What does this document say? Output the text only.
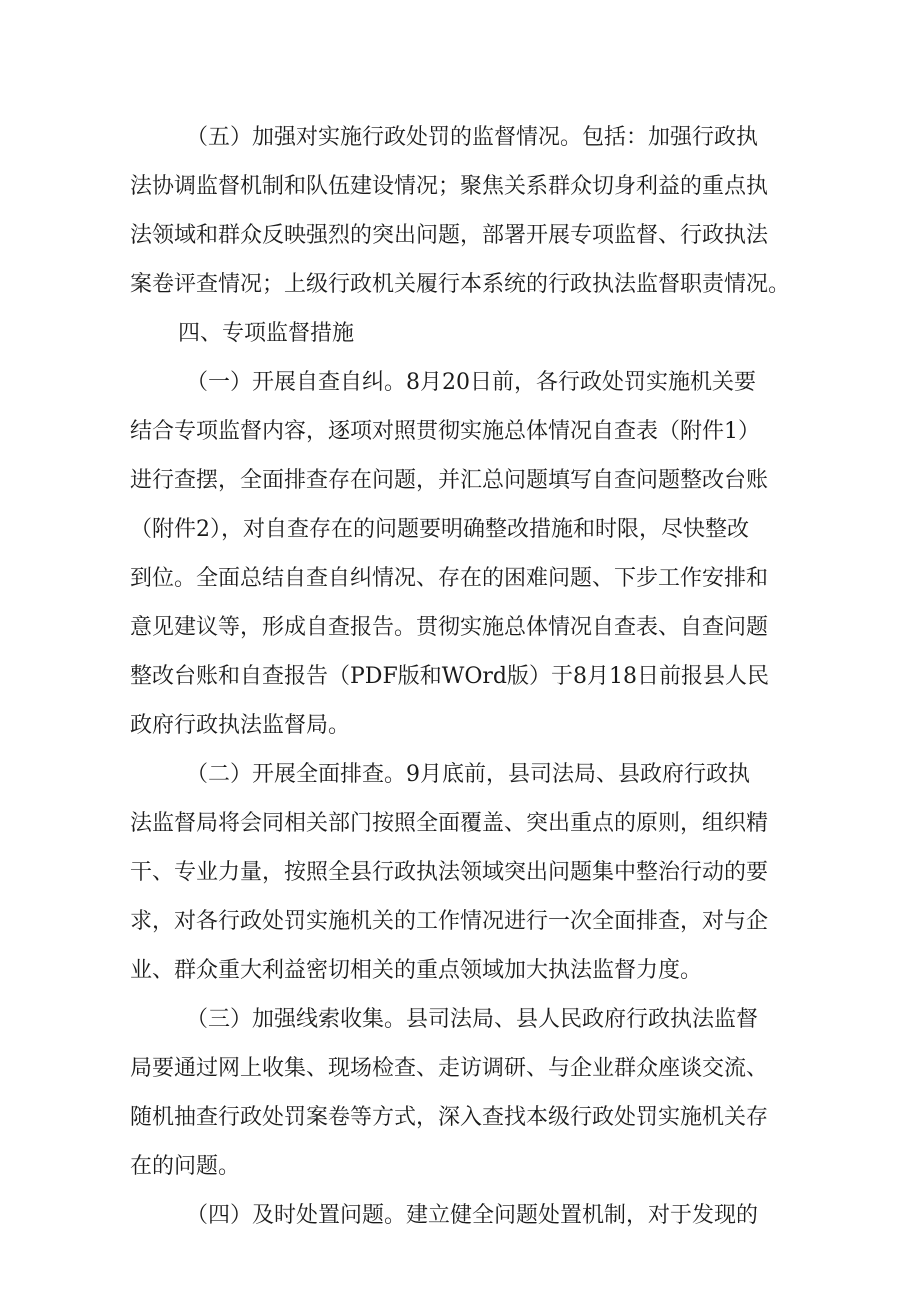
（五）加强对实施行政处罚的监督情况。包括：加强行政执
法协调监督机制和队伍建设情况；聚焦关系群众切身利益的重点执
法领域和群众反映强烈的突出问题，部署开展专项监督、行政执法
案卷评查情况；上级行政机关履行本系统的行政执法监督职责情况。
四、专项监督措施
（一）开展自查自纠。8月20日前，各行政处罚实施机关要
结合专项监督内容，逐项对照贯彻实施总体情况自查表（附件1）
进行查摆，全面排查存在问题，并汇总问题填写自查问题整改台账
（附件2），对自查存在的问题要明确整改措施和时限，尽快整改
到位。全面总结自查自纠情况、存在的困难问题、下步工作安排和
意见建议等，形成自查报告。贯彻实施总体情况自查表、自查问题
整改台账和自查报告（PDF版和WOrd版）于8月18日前报县人民
政府行政执法监督局。
（二）开展全面排查。9月底前，县司法局、县政府行政执
法监督局将会同相关部门按照全面覆盖、突出重点的原则，组织精
干、专业力量，按照全县行政执法领域突出问题集中整治行动的要
求，对各行政处罚实施机关的工作情况进行一次全面排查，对与企
业、群众重大利益密切相关的重点领域加大执法监督力度。
（三）加强线索收集。县司法局、县人民政府行政执法监督
局要通过网上收集、现场检查、走访调研、与企业群众座谈交流、
随机抽查行政处罚案卷等方式，深入查找本级行政处罚实施机关存
在的问题。
（四）及时处置问题。建立健全问题处置机制，对于发现的
